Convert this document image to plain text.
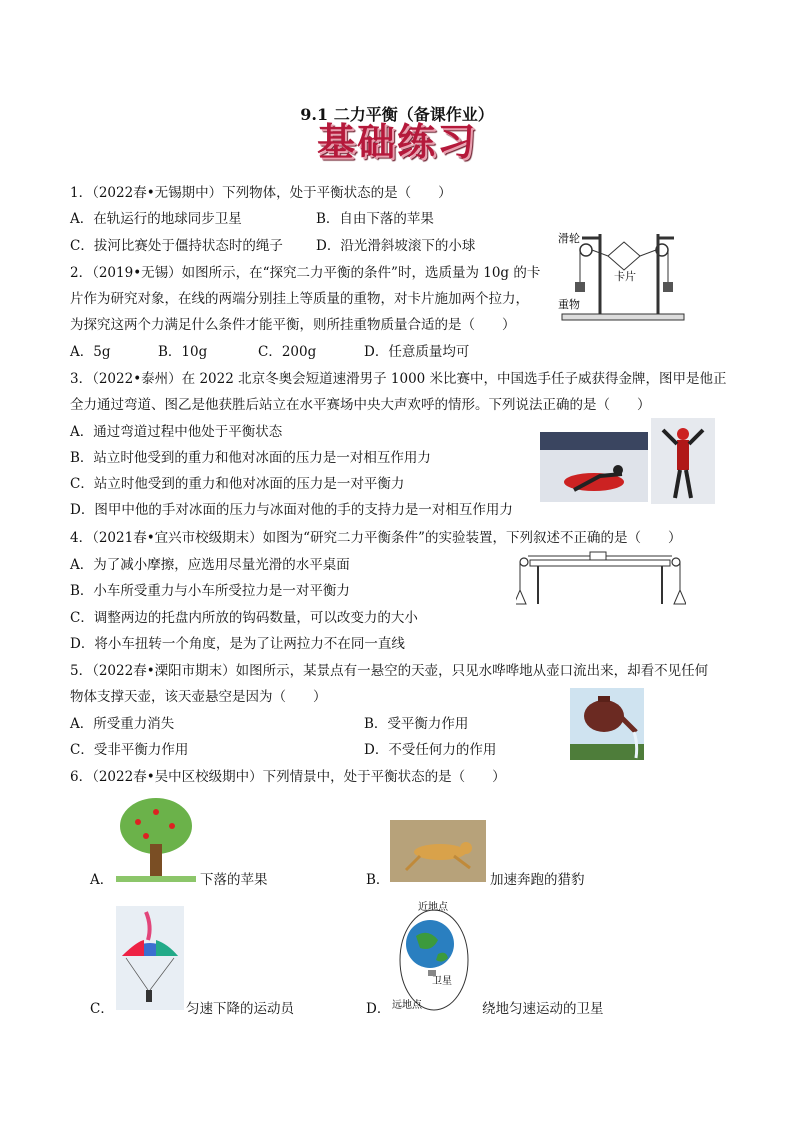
9.1 二力平衡（备课作业）
基础练习
1．（2022春•无锡期中）下列物体，处于平衡状态的是（　　）
A．在轨运行的地球同步卫星	B．自由下落的苹果
C．拔河比赛处于僵持状态时的绳子 D．沿光滑斜坡滚下的小球	滑轮
卡片
重物
2．（2019•无锡）如图所示，在“探究二力平衡的条件”时，选质量为 10g 的卡
片作为研究对象，在线的两端分别挂上等质量的重物，对卡片施加两个拉力，
为探究这两个力满足什么条件才能平衡，则所挂重物质量合适的是（　　）
A．5g	B．10g	C．200g	D．任意质量均可
3．（2022•泰州）在 2022 北京冬奥会短道速滑男子 1000 米比赛中，中国选手任子威获得金牌，图甲是他正
全力通过弯道、图乙是他获胜后站立在水平赛场中央大声欢呼的情形。下列说法正确的是（　　）
A．通过弯道过程中他处于平衡状态
B．站立时他受到的重力和他对冰面的压力是一对相互作用力
C．站立时他受到的重力和他对冰面的压力是一对平衡力
D．图甲中他的手对冰面的压力与冰面对他的手的支持力是一对相互作用力
4．（2021春•宜兴市校级期末）如图为“研究二力平衡条件”的实验装置，下列叙述不正确的是（　　）
A．为了减小摩擦，应选用尽量光滑的水平桌面
B．小车所受重力与小车所受拉力是一对平衡力
C．调整两边的托盘内所放的钩码数量，可以改变力的大小
D．将小车扭转一个角度，是为了让两拉力不在同一直线
5．（2022春•溧阳市期末）如图所示，某景点有一悬空的天壶，只见水哗哗地从壶口流出来，却看不见任何
物体支撑天壶，该天壶悬空是因为（　　）
A．所受重力消失	B．受平衡力作用
C．受非平衡力作用	D．不受任何力的作用
6．（2022春•吴中区校级期中）下列情景中，处于平衡状态的是（　　）
A．	下落的苹果	B．	加速奔跑的猎豹
C．	匀速下降的运动员
近地点
卫星
远地点
D．	绕地匀速运动的卫星
